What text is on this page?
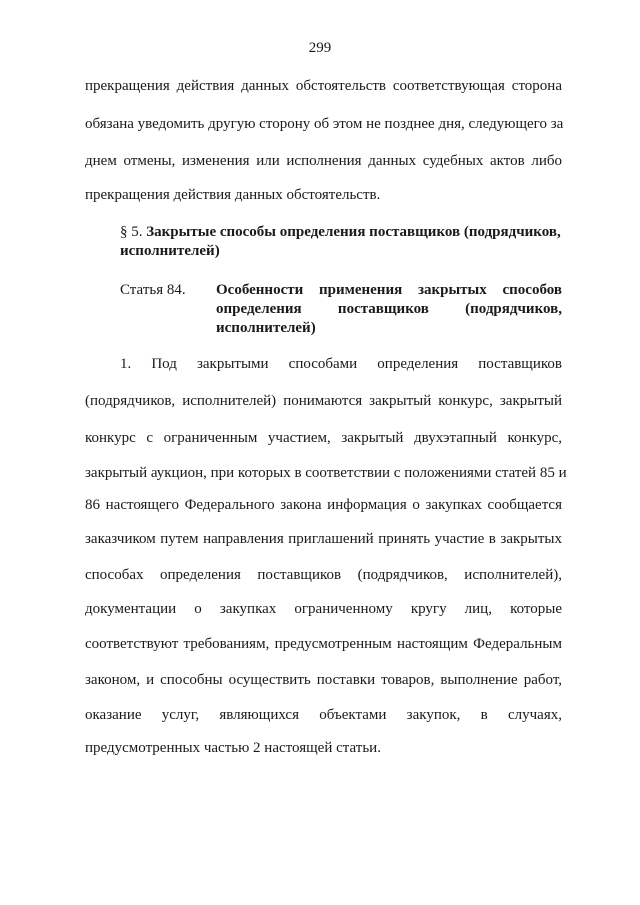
299
прекращения действия данных обстоятельств соответствующая сторона
обязана уведомить другую сторону об этом не позднее дня, следующего за
днем отмены, изменения или исполнения данных судебных актов либо
прекращения действия данных обстоятельств.
§ 5. Закрытые способы определения поставщиков (подрядчиков,
исполнителей)
Статья 84. Особенности применения закрытых способов
определения поставщиков (подрядчиков,
исполнителей)
1. Под закрытыми способами определения поставщиков
(подрядчиков, исполнителей) понимаются закрытый конкурс, закрытый
конкурс с ограниченным участием, закрытый двухэтапный конкурс,
закрытый аукцион, при которых в соответствии с положениями статей 85 и
86 настоящего Федерального закона информация о закупках сообщается
заказчиком путем направления приглашений принять участие в закрытых
способах определения поставщиков (подрядчиков, исполнителей),
документации о закупках ограниченному кругу лиц, которые
соответствуют требованиям, предусмотренным настоящим Федеральным
законом, и способны осуществить поставки товаров, выполнение работ,
оказание услуг, являющихся объектами закупок, в случаях,
предусмотренных частью 2 настоящей статьи.
